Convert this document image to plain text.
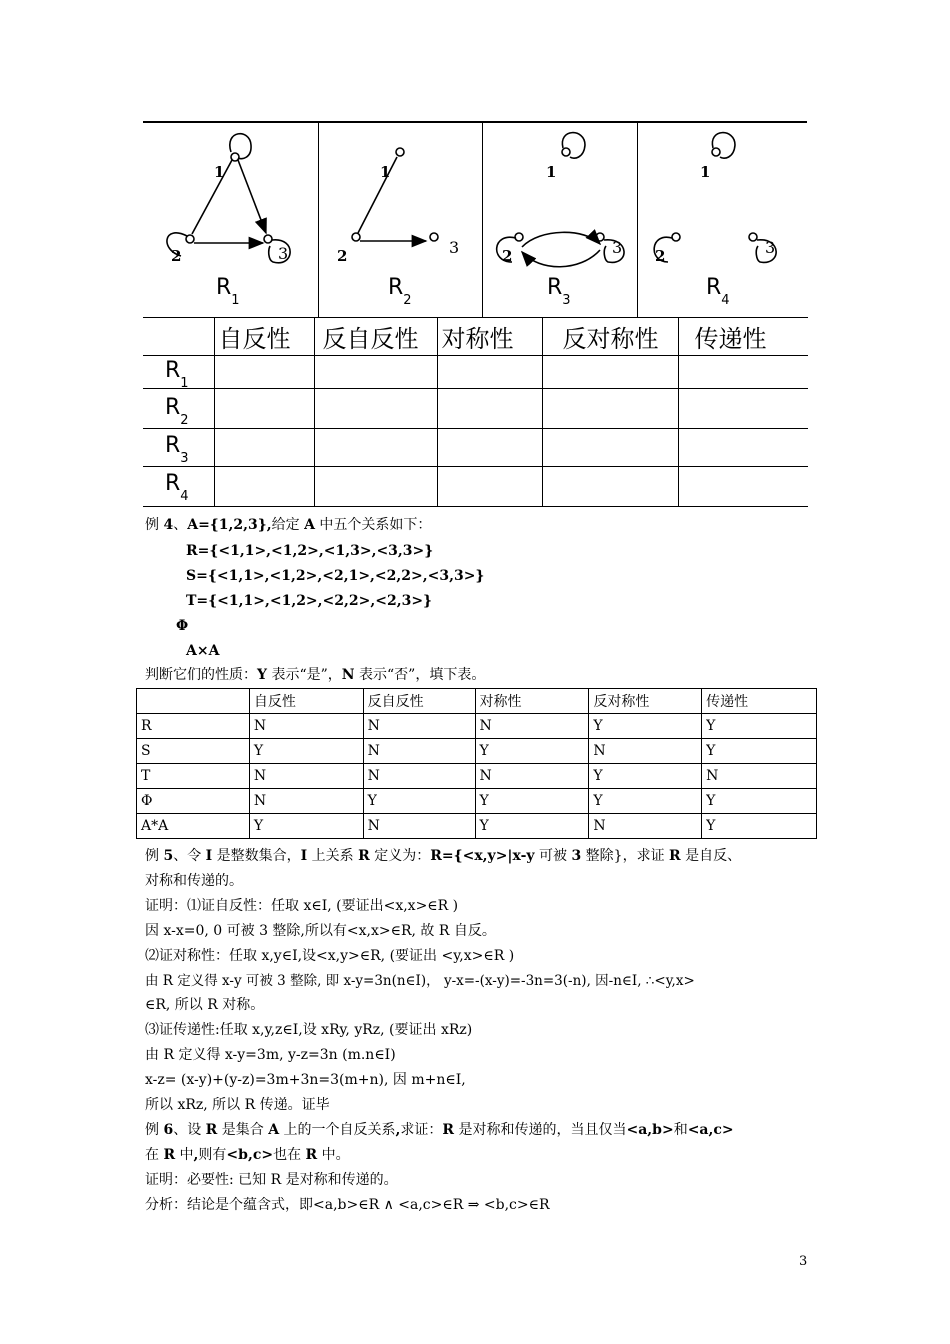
1
2	3
1
2	3
1
2	3
1
2	3
$R_1$
$R_2$
$R_3$
$R_4$
	自反性	反自反性	对称性	反对称性	传递性

$R_1$

$R_2$

$R_3$

$R_4$

例 4、A={1,2,3},给定 A 中五个关系如下：
R={<1,1>,<1,2>,<1,3>,<3,3>}
S={<1,1>,<1,2>,<2,1>,<2,2>,<3,3>}
T={<1,1>,<1,2>,<2,2>,<2,3>}
Φ
A×A
判断它们的性质：Y 表示“是”，N 表示“否”，填下表。
	自反性	反自反性	对称性	反对称性	传递性
R	N	N	N	Y	Y
S	Y	N	Y	N	Y
T	N	N	N	Y	N
Φ	N	Y	Y	Y	Y
A*A	Y	N	Y	N	Y
例 5、令 I 是整数集合，I 上关系 R 定义为：R={<x,y>|x-y 可被 3 整除}，求证 R 是自反、
对称和传递的。
证明：⑴证自反性：任取 x∈I, (要证出<x,x>∈R )
因 x-x=0, 0 可被 3 整除,所以有<x,x>∈R, 故 R 自反。
⑵证对称性：任取 x,y∈I,设<x,y>∈R, (要证出 <y,x>∈R )
由 R 定义得 x-y 可被 3 整除, 即 x-y=3n(n∈I)， y-x=-(x-y)=-3n=3(-n), 因-n∈I, ∴<y,x>
∈R, 所以 R 对称。
⑶证传递性:任取 x,y,z∈I,设 xRy, yRz, (要证出 xRz)
由 R 定义得 x-y=3m, y-z=3n (m.n∈I)
x-z= (x-y)+(y-z)=3m+3n=3(m+n), 因 m+n∈I,
所以 xRz, 所以 R 传递。证毕
例 6、设 R 是集合 A 上的一个自反关系,求证：R 是对称和传递的，当且仅当<a,b>和<a,c>
在 R 中,则有<b,c>也在 R 中。
证明：必要性: 已知 R 是对称和传递的。
分析：结论是个蕴含式，即<a,b>∈R ∧ <a,c>∈R ⇒ <b,c>∈R
3
